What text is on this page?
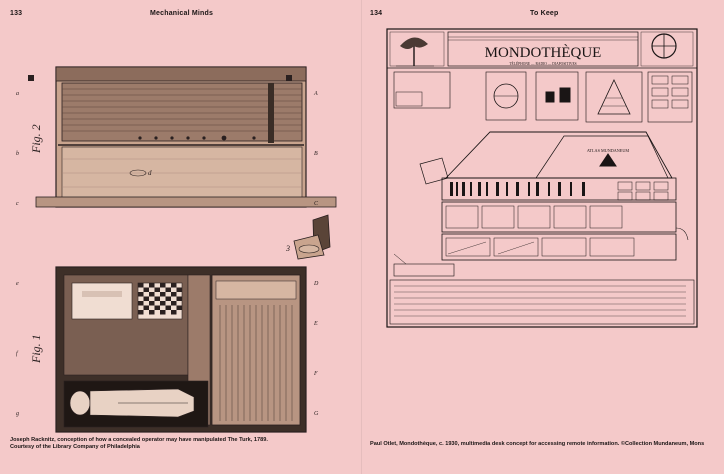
133	Mechanical Minds
Fig. 2
a
b
c
A
B
C
d
3
Fig. 1
e
f
g
D
E
F
G
Joseph Racknitz, conception of how a concealed operator may have manipulated The Turk, 1789.
Courtesy of the Library Company of Philadelphia
134	To Keep
MONDOTHÈQUE
TÉLÉPHONE — RADIO — DIAPOSITIVES
ATLAS MUNDANEUM
Paul Otlet, Mondothèque, c. 1930, multimedia desk concept for accessing remote information. ©Collection Mundaneum, Mons
